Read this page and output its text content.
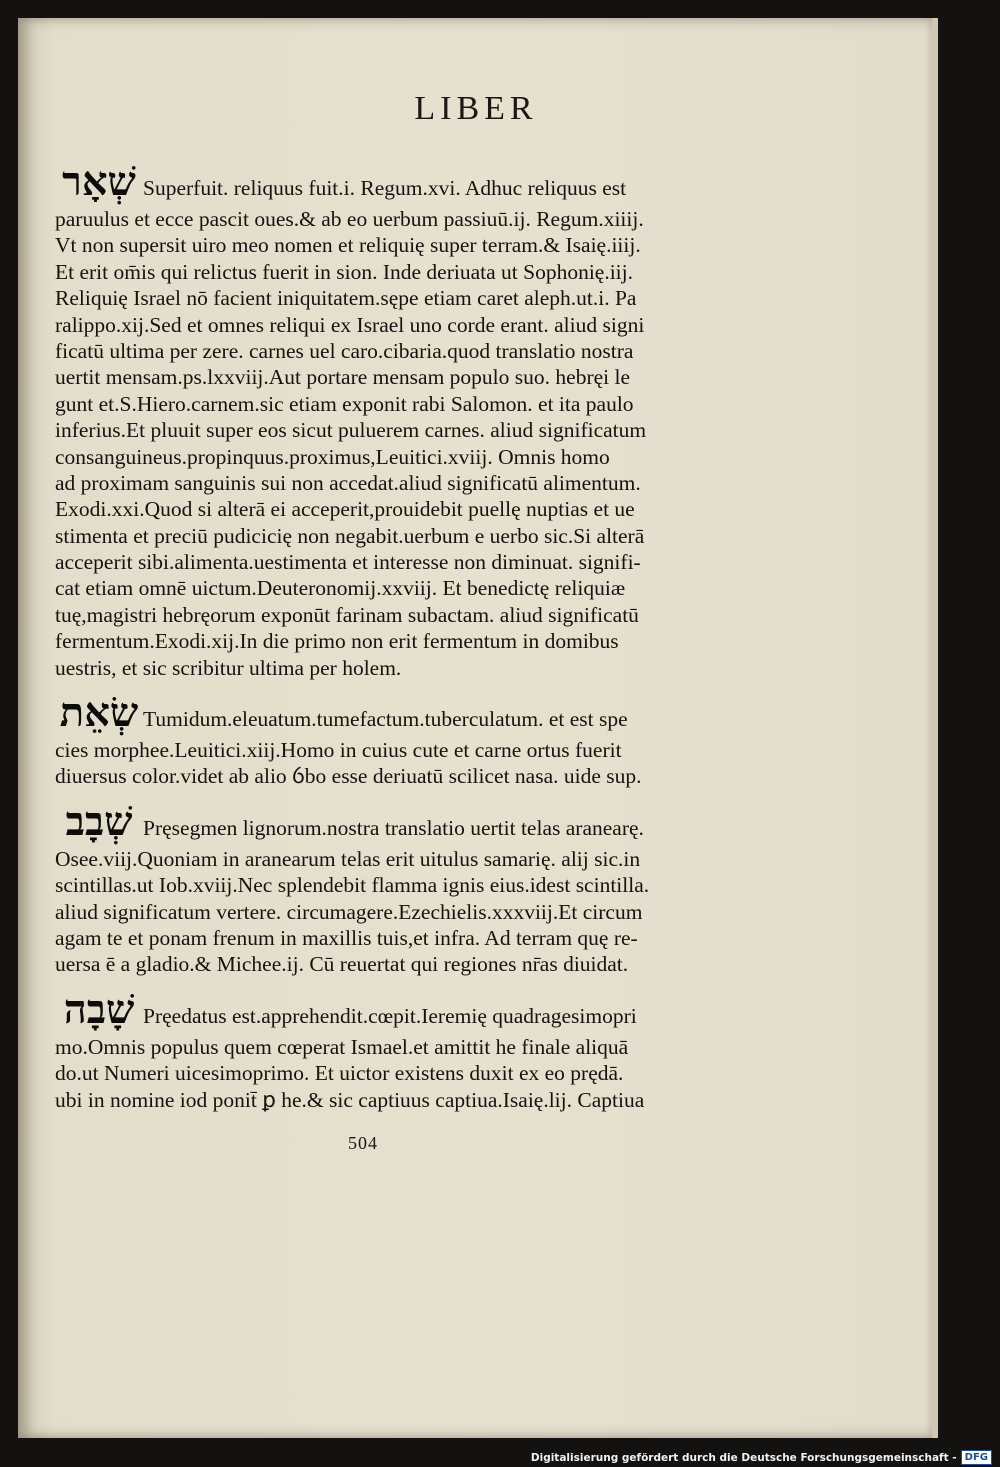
LIBER
שְׁאָר Superfuit. reliquus fuit.i. Regum.xvi. Adhuc reliquus est
paruulus et ecce pascit oues.& ab eo uerbum passiuū.ij. Regum.xiiij.
Vt non supersit uiro meo nomen et reliquię super terram.& Isaię.iiij.
Et erit om̄is qui relictus fuerit in sion. Inde deriuata ut Sophonię.iij.
Reliquię Israel nō facient iniquitatem.sępe etiam caret aleph.ut.i. Pa
ralippo.xij.Sed et omnes reliqui ex Israel uno corde erant. aliud signi
ficatū ultima per zere. carnes uel caro.cibaria.quod translatio nostra
uertit mensam.ps.lxxviij.Aut portare mensam populo suo. hebręi le
gunt et.S.Hiero.carnem.sic etiam exponit rabi Salomon. et ita paulo
inferius.Et pluuit super eos sicut puluerem carnes. aliud significatum
consanguineus.propinquus.proximus,Leuitici.xviij. Omnis homo
ad proximam sanguinis sui non accedat.aliud significatū alimentum.
Exodi.xxi.Quod si alterā ei acceperit,prouidebit puellę nuptias et ue
stimenta et preciū pudicicię non negabit.uerbum e uerbo sic.Si alterā
acceperit sibi.alimenta.uestimenta et interesse non diminuat. signifi-
cat etiam omnē uictum.Deuteronomij.xxviij. Et benedictę reliquiæ
tuę,magistri hebręorum exponūt farinam subactam. aliud significatū
fermentum.Exodi.xij.In die primo non erit fermentum in domibus
uestris, et sic scribitur ultima per holem.
שְׂאֵת Tumidum.eleuatum.tumefactum.tuberculatum. et est spe
cies morphee.Leuitici.xiij.Homo in cuius cute et carne ortus fuerit
diuersus color.videt ab alio ỽbo esse deriuatū scilicet nasa. uide sup.
שְׁבָב Pręsegmen lignorum.nostra translatio uertit telas aranearę.
Osee.viij.Quoniam in aranearum telas erit uitulus samarię. alij sic.in
scintillas.ut Iob.xviij.Nec splendebit flamma ignis eius.idest scintilla.
aliud significatum vertere. circumagere.Ezechielis.xxxviij.Et circum
agam te et ponam frenum in maxillis tuis,et infra. Ad terram quę re-
uersa ē a gladio.& Michee.ij. Cū reuertat qui regiones nr̄as diuidat.
שָׁבָה Pręedatus est.apprehendit.cœpit.Ieremię quadragesimopri
mo.Omnis populus quem cœperat Ismael.et amittit he finale aliquā
do.ut Numeri uicesimoprimo. Et uictor existens duxit ex eo prędā.
ubi in nomine iod ponit̄ ꝑ he.& sic captiuus captiua.Isaię.lij. Captiua
504
Digitalisierung gefördert durch die Deutsche Forschungsgemeinschaft - DFG
